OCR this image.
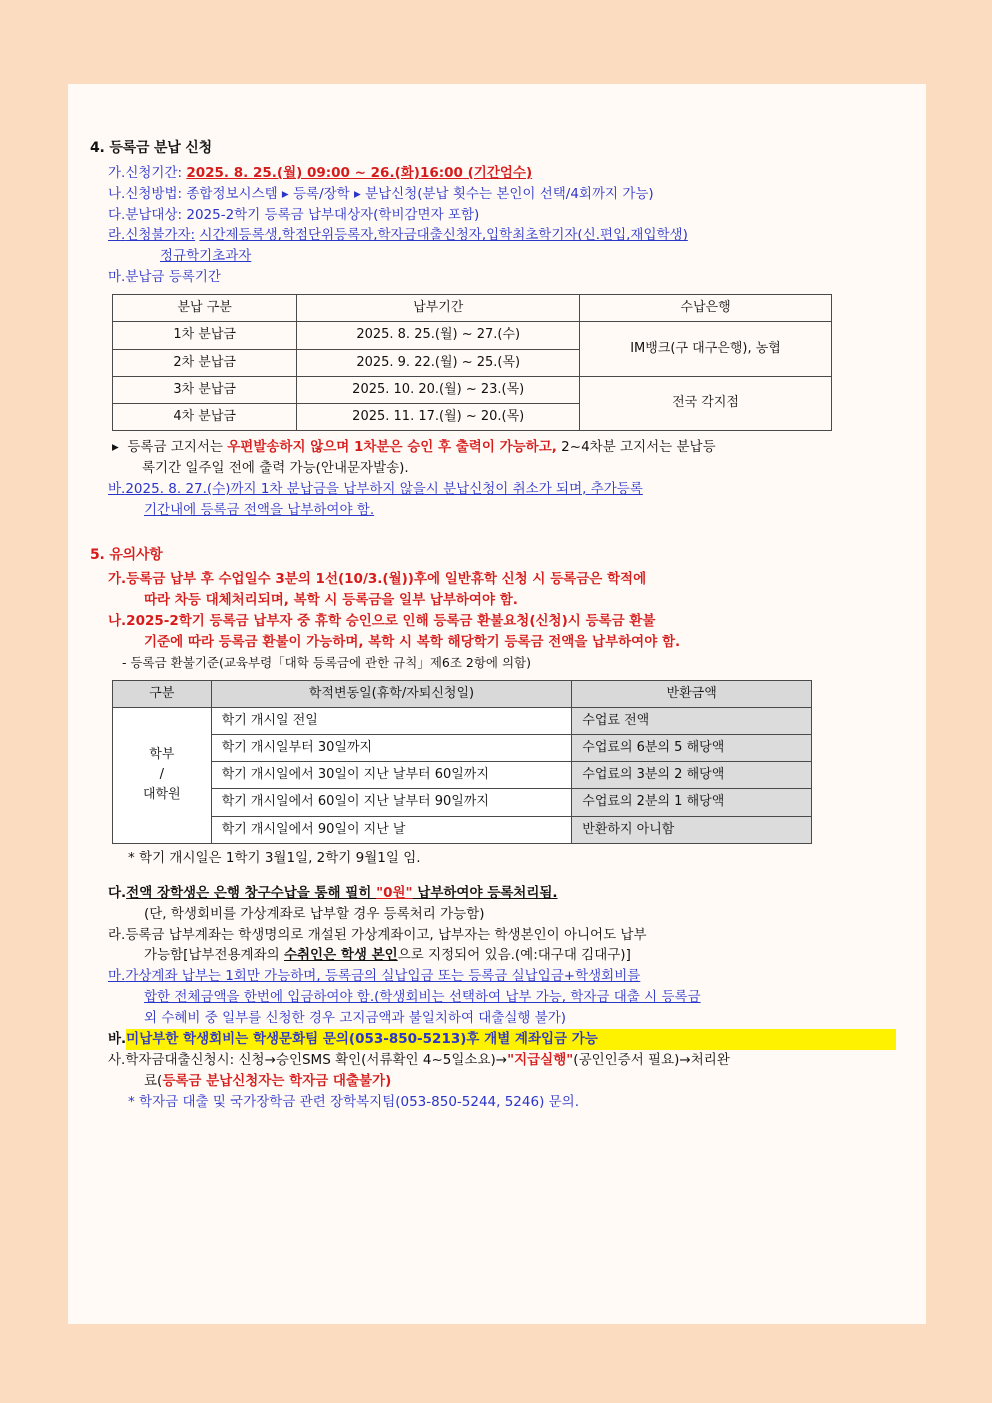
4. 등록금 분납 신청
가. 신청기간: 2025. 8. 25.(월) 09:00 ~ 26.(화)16:00 (기간엄수)
나. 신청방법: 종합정보시스템 ▸ 등록/장학 ▸ 분납신청(분납 횟수는 본인이 선택/4회까지 가능)
다. 분납대상: 2025-2학기 등록금 납부대상자(학비감면자 포함)
라. 신청불가자: 시간제등록생,학점단위등록자,학자금대출신청자,입학최초학기자(신.편입,재입학생)
정규학기초과자
마. 분납금 등록기간
분납 구분	납부기간	수납은행
1차 분납금	2025. 8. 25.(월) ~ 27.(수)	IM뱅크(구 대구은행), 농협
2차 분납금	2025. 9. 22.(월) ~ 25.(목)	
3차 분납금	2025. 10. 20.(월) ~ 23.(목)	전국 각지점
4차 분납금	2025. 11. 17.(월) ~ 20.(목)	
▸  등록금 고지서는 우편발송하지 않으며 1차분은 승인 후 출력이 가능하고, 2~4차분 고지서는 분납등
록기간 일주일 전에 출력 가능(안내문자발송).
바. 2025. 8. 27.(수)까지 1차 분납금을 납부하지 않을시 분납신청이 취소가 되며, 추가등록
기간내에 등록금 전액을 납부하여야 함.
5. 유의사항
가. 등록금 납부 후 수업일수 3분의 1선(10/3.(월))후에 일반휴학 신청 시 등록금은 학적에
따라 차등 대체처리되며, 복학 시 등록금을 일부 납부하여야 함.
나. 2025-2학기 등록금 납부자 중 휴학 승인으로 인해 등록금 환불요청(신청)시 등록금 환불
기준에 따라 등록금 환불이 가능하며, 복학 시 복학 해당학기 등록금 전액을 납부하여야 함.
- 등록금 환불기준(교육부령「대학 등록금에 관한 규칙」제6조 2항에 의함)
구분	학적변동일(휴학/자퇴신청일)	반환금액

학부
/
대학원	학기 개시일 전일	수업료 전액
	학기 개시일부터 30일까지	수업료의 6분의 5 해당액
	학기 개시일에서 30일이 지난 날부터 60일까지	수업료의 3분의 2 해당액
	학기 개시일에서 60일이 지난 날부터 90일까지	수업료의 2분의 1 해당액
	학기 개시일에서 90일이 지난 날	반환하지 아니함
* 학기 개시일은 1학기 3월1일, 2학기 9월1일 임.
다. 전액 장학생은 은행 창구수납을 통해 필히 "0원" 납부하여야 등록처리됨.
(단, 학생회비를 가상계좌로 납부할 경우 등록처리 가능함)
라. 등록금 납부계좌는 학생명의로 개설된 가상계좌이고, 납부자는 학생본인이 아니어도 납부
가능함[납부전용계좌의 수취인은 학생 본인으로 지정되어 있음.(예:대구대 김대구)]
마. 가상계좌 납부는 1회만 가능하며, 등록금의 실납입금 또는 등록금 실납입금+학생회비를
합한 전체금액을 한번에 입금하여야 함.(학생회비는 선택하여 납부 가능, 학자금 대출 시 등록금
외 수혜비 중 일부를 신청한 경우 고지금액과 불일치하여 대출실행 불가)
바. 미납부한 학생회비는 학생문화팀 문의(053-850-5213)후 개별 계좌입금 가능
사. 학자금대출신청시: 신청→승인SMS 확인(서류확인 4~5일소요)→"지급실행"(공인인증서 필요)→처리완
료(등록금 분납신청자는 학자금 대출불가)
* 학자금 대출 및 국가장학금 관련 장학복지팀(053-850-5244, 5246) 문의.
